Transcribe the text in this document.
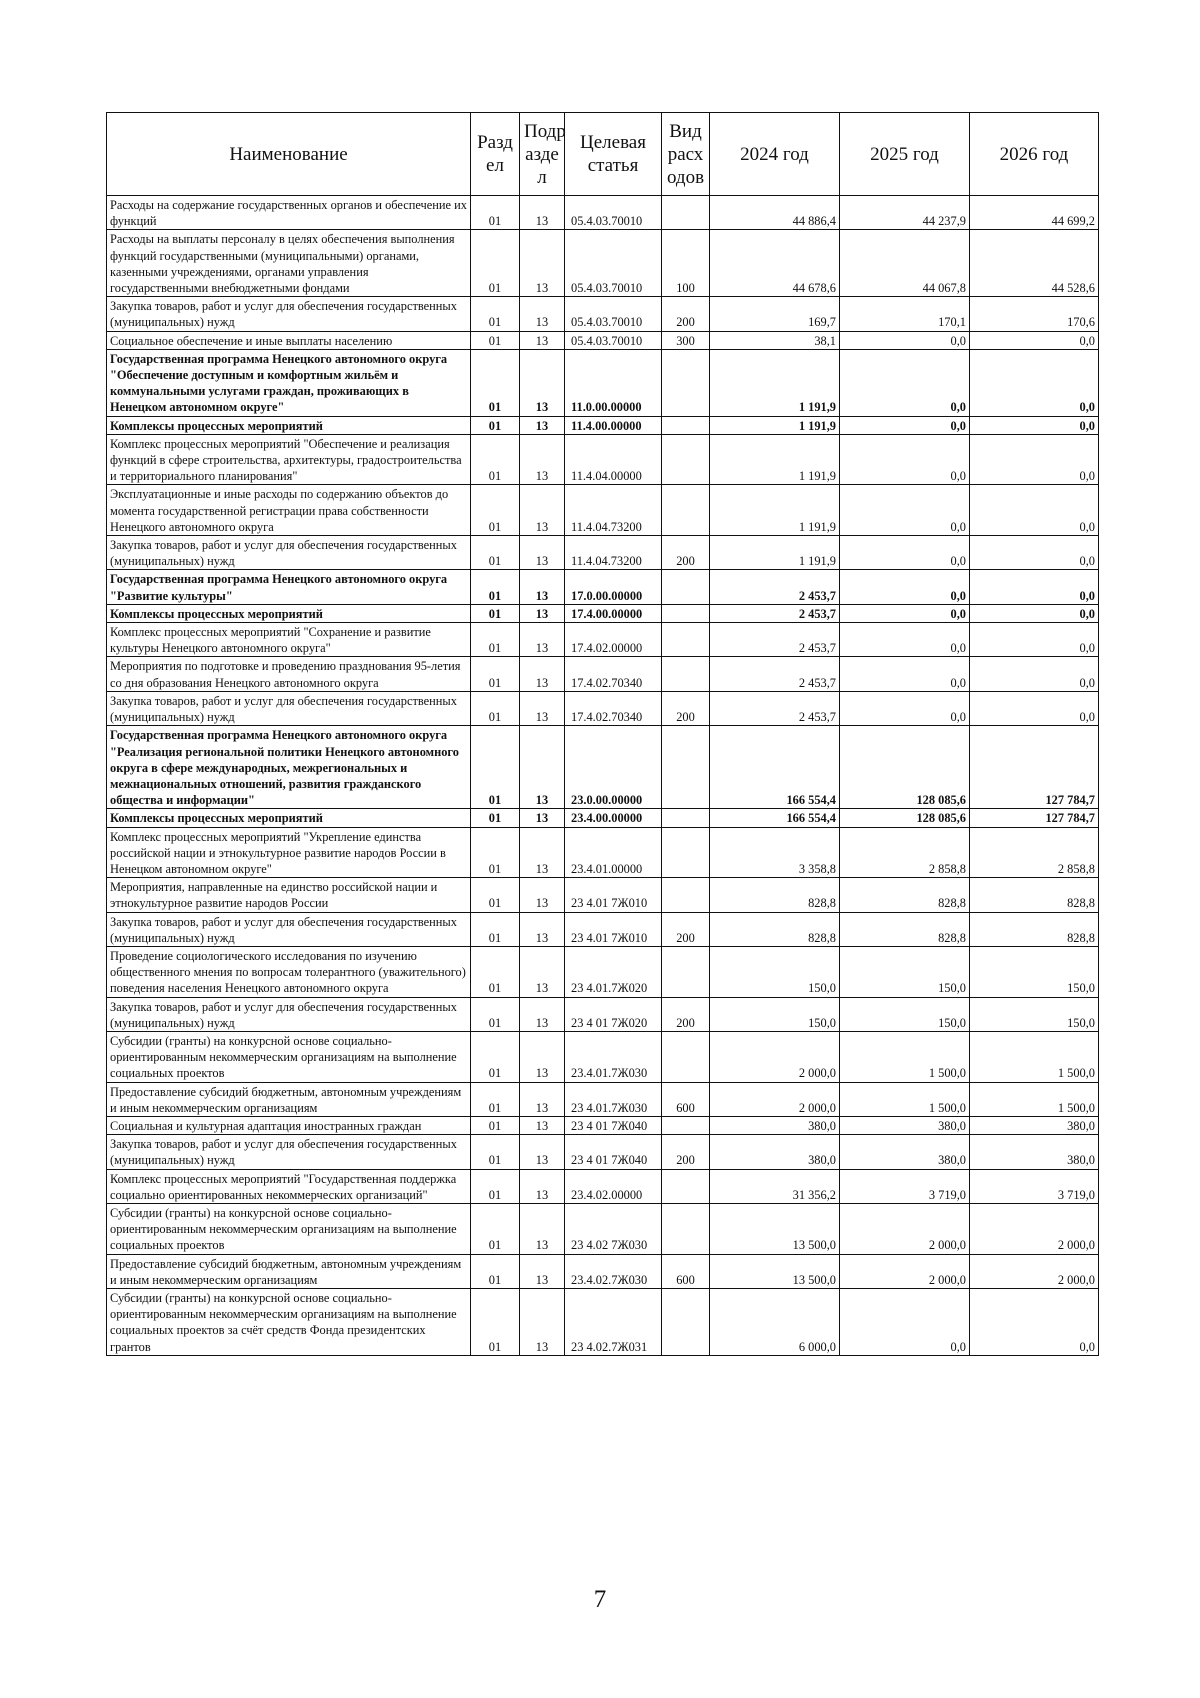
Наименование	Разд ел	Подр азде л	Целевая статья	Вид расх одов	2024 год	2025 год	2026 год
Расходы на содержание государственных органов и обеспечение их функций	01	13	05.4.03.70010		44 886,4	44 237,9	44 699,2
Расходы на выплаты персоналу в целях обеспечения выполнения функций государственными (муниципальными) органами, казенными учреждениями, органами управления государственными внебюджетными фондами	01	13	05.4.03.70010	100	44 678,6	44 067,8	44 528,6
Закупка товаров, работ и услуг для обеспечения государственных (муниципальных) нужд	01	13	05.4.03.70010	200	169,7	170,1	170,6
Социальное обеспечение и иные выплаты населению	01	13	05.4.03.70010	300	38,1	0,0	0,0
Государственная программа Ненецкого автономного округа "Обеспечение доступным и комфортным жильём и коммунальными услугами граждан, проживающих в Ненецком автономном округе"	01	13	11.0.00.00000		1 191,9	0,0	0,0
Комплексы процессных мероприятий	01	13	11.4.00.00000		1 191,9	0,0	0,0
Комплекс процессных мероприятий "Обеспечение и реализация функций в сфере строительства, архитектуры, градостроительства и территориального планирования"	01	13	11.4.04.00000		1 191,9	0,0	0,0
Эксплуатационные и иные расходы по содержанию объектов до момента государственной регистрации права собственности Ненецкого автономного округа	01	13	11.4.04.73200		1 191,9	0,0	0,0
Закупка товаров, работ и услуг для обеспечения государственных (муниципальных) нужд	01	13	11.4.04.73200	200	1 191,9	0,0	0,0
Государственная программа Ненецкого автономного округа "Развитие культуры"	01	13	17.0.00.00000		2 453,7	0,0	0,0
Комплексы процессных мероприятий	01	13	17.4.00.00000		2 453,7	0,0	0,0
Комплекс процессных мероприятий "Сохранение и развитие культуры Ненецкого автономного округа"	01	13	17.4.02.00000		2 453,7	0,0	0,0
Мероприятия по подготовке и проведению празднования 95-летия со дня образования Ненецкого автономного округа	01	13	17.4.02.70340		2 453,7	0,0	0,0
Закупка товаров, работ и услуг для обеспечения государственных (муниципальных) нужд	01	13	17.4.02.70340	200	2 453,7	0,0	0,0
Государственная программа Ненецкого автономного округа "Реализация региональной политики Ненецкого автономного округа в сфере международных, межрегиональных и межнациональных отношений, развития гражданского общества и информации"	01	13	23.0.00.00000		166 554,4	128 085,6	127 784,7
Комплексы процессных мероприятий	01	13	23.4.00.00000		166 554,4	128 085,6	127 784,7
Комплекс процессных мероприятий "Укрепление единства российской нации и этнокультурное развитие народов России в Ненецком автономном округе"	01	13	23.4.01.00000		3 358,8	2 858,8	2 858,8
Мероприятия, направленные на единство российской нации и этнокультурное развитие народов России	01	13	23 4.01 7Ж010		828,8	828,8	828,8
Закупка товаров, работ и услуг для обеспечения государственных (муниципальных) нужд	01	13	23 4.01 7Ж010	200	828,8	828,8	828,8
Проведение социологического исследования по изучению общественного мнения по вопросам толерантного (уважительного) поведения населения Ненецкого автономного округа	01	13	23 4.01.7Ж020		150,0	150,0	150,0
Закупка товаров, работ и услуг для обеспечения государственных (муниципальных) нужд	01	13	23 4 01 7Ж020	200	150,0	150,0	150,0
Субсидии (гранты) на конкурсной основе социально-ориентированным некоммерческим организациям на выполнение социальных проектов	01	13	23.4.01.7Ж030		2 000,0	1 500,0	1 500,0
Предоставление субсидий бюджетным, автономным учреждениям и иным некоммерческим организациям	01	13	23 4.01.7Ж030	600	2 000,0	1 500,0	1 500,0
Социальная и культурная адаптация иностранных граждан	01	13	23 4 01 7Ж040		380,0	380,0	380,0
Закупка товаров, работ и услуг для обеспечения государственных (муниципальных) нужд	01	13	23 4 01 7Ж040	200	380,0	380,0	380,0
Комплекс процессных мероприятий "Государственная поддержка социально ориентированных некоммерческих организаций"	01	13	23.4.02.00000		31 356,2	3 719,0	3 719,0
Субсидии (гранты) на конкурсной основе социально-ориентированным некоммерческим организациям на выполнение социальных проектов	01	13	23 4.02 7Ж030		13 500,0	2 000,0	2 000,0
Предоставление субсидий бюджетным, автономным учреждениям и иным некоммерческим организациям	01	13	23.4.02.7Ж030	600	13 500,0	2 000,0	2 000,0
Субсидии (гранты) на конкурсной основе социально-ориентированным некоммерческим организациям на выполнение социальных проектов за счёт средств Фонда президентских грантов	01	13	23 4.02.7Ж031		6 000,0	0,0	0,0
7
